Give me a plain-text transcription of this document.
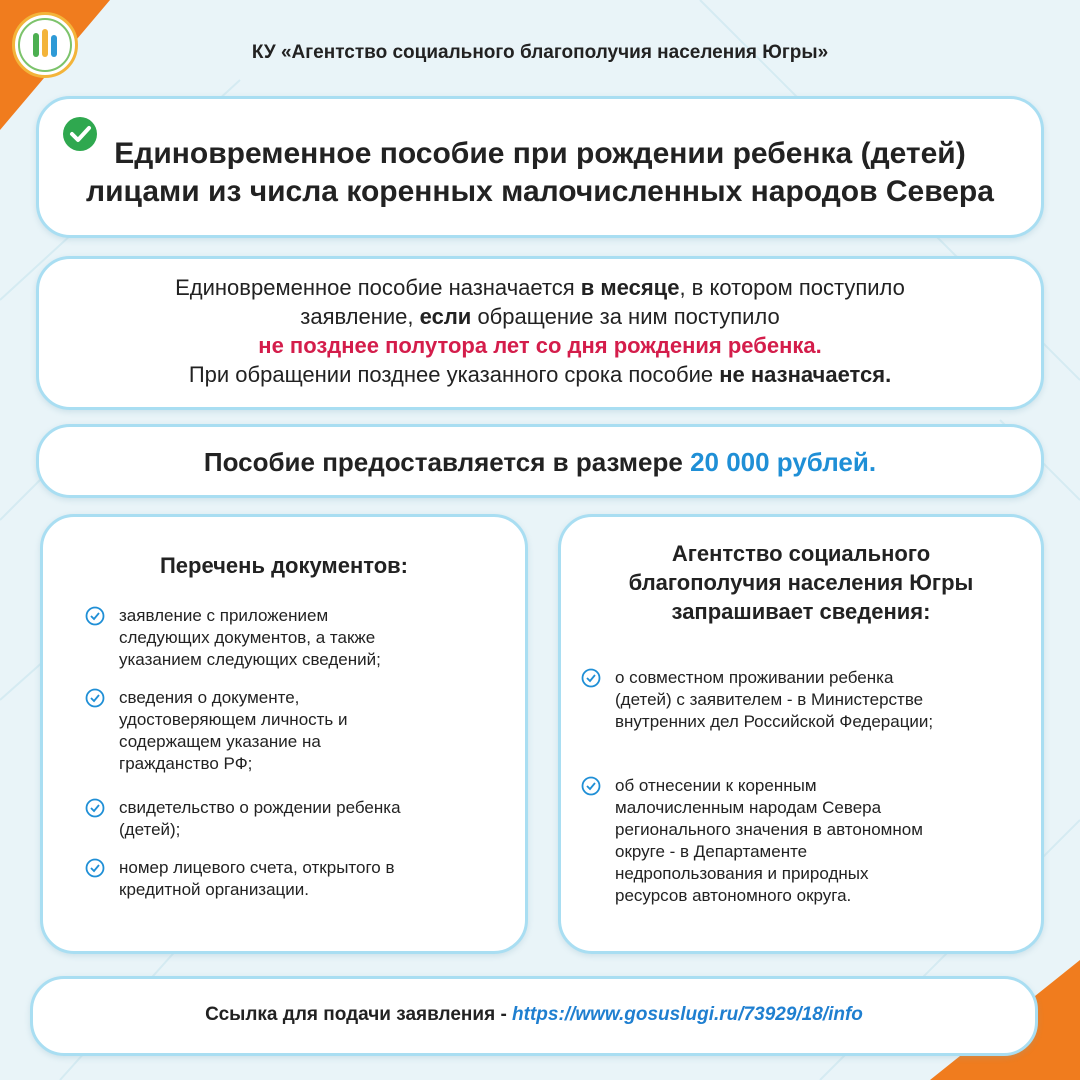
КУ «Агентство социального благополучия населения Югры»
Единовременное пособие при рождении ребенка (детей)
лицами из числа коренных малочисленных народов Севера
Единовременное пособие назначается в месяце, в котором поступило
заявление, если обращение за ним поступило
не позднее полутора лет со дня рождения ребенка.
При обращении позднее указанного срока пособие не назначается.
Пособие предоставляется в размере 20 000 рублей.
Перечень документов:
заявление с приложением
следующих документов, а также
указанием следующих сведений;
сведения о документе,
удостоверяющем личность и
содержащем указание на
гражданство РФ;
свидетельство о рождении ребенка
(детей);
номер лицевого счета, открытого в
кредитной организации.
Агентство социального
благополучия населения Югры
запрашивает сведения:
о совместном проживании ребенка
(детей) с заявителем - в Министерстве
внутренних дел Российской Федерации;
об отнесении к коренным
малочисленным народам Севера
регионального значения в автономном
округе - в Департаменте
недропользования и природных
ресурсов автономного округа.
Ссылка для подачи заявления - https://www.gosuslugi.ru/73929/18/info
